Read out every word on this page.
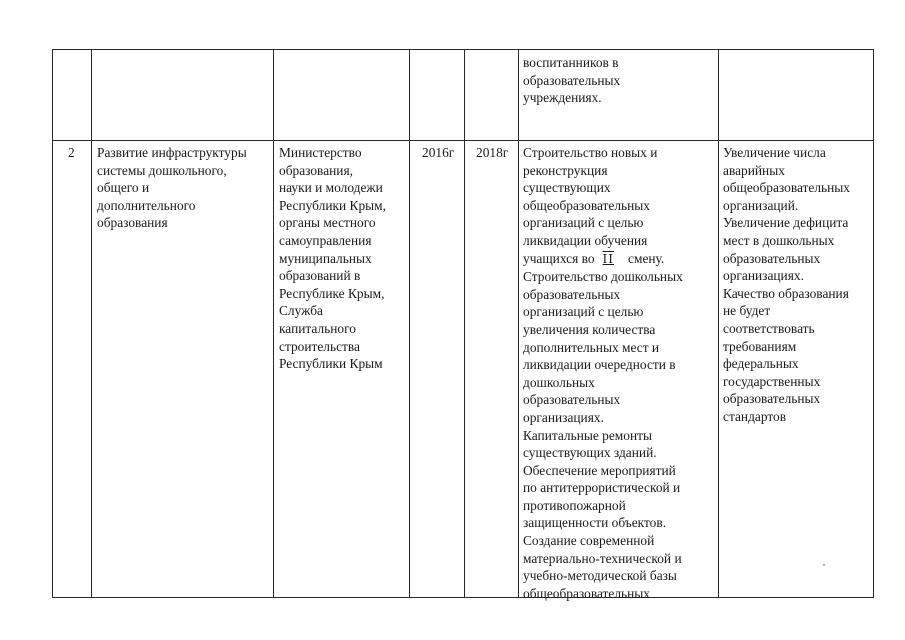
воспитанников в
образовательных
учреждениях.
2 Развитие инфраструктуры
системы дошкольного,
общего и
дополнительного
образования
Министерство
образования,
науки и молодежи
Республики Крым,
органы местного
самоуправления
муниципальных
образований в
Республике Крым,
Служба
капитального
строительства
Республики Крым
2016г 2018г Строительство новых и
реконструкция
существующих
общеобразовательных
организаций с целью
ликвидации обучения
учащихся во II смену.
Строительство дошкольных
образовательных
организаций с целью
увеличения количества
дополнительных мест и
ликвидации очередности в
дошкольных
образовательных
организациях.
Капитальные ремонты
существующих зданий.
Обеспечение мероприятий
по антитеррористической и
противопожарной
защищенности объектов.
Создание современной
материально-технической и
учебно-методической базы
общеобразовательных
Увеличение числа
аварийных
общеобразовательных
организаций.
Увеличение дефицита
мест в дошкольных
образовательных
организациях.
Качество образования
не будет
соответствовать
требованиям
федеральных
государственных
образовательных
стандартов
